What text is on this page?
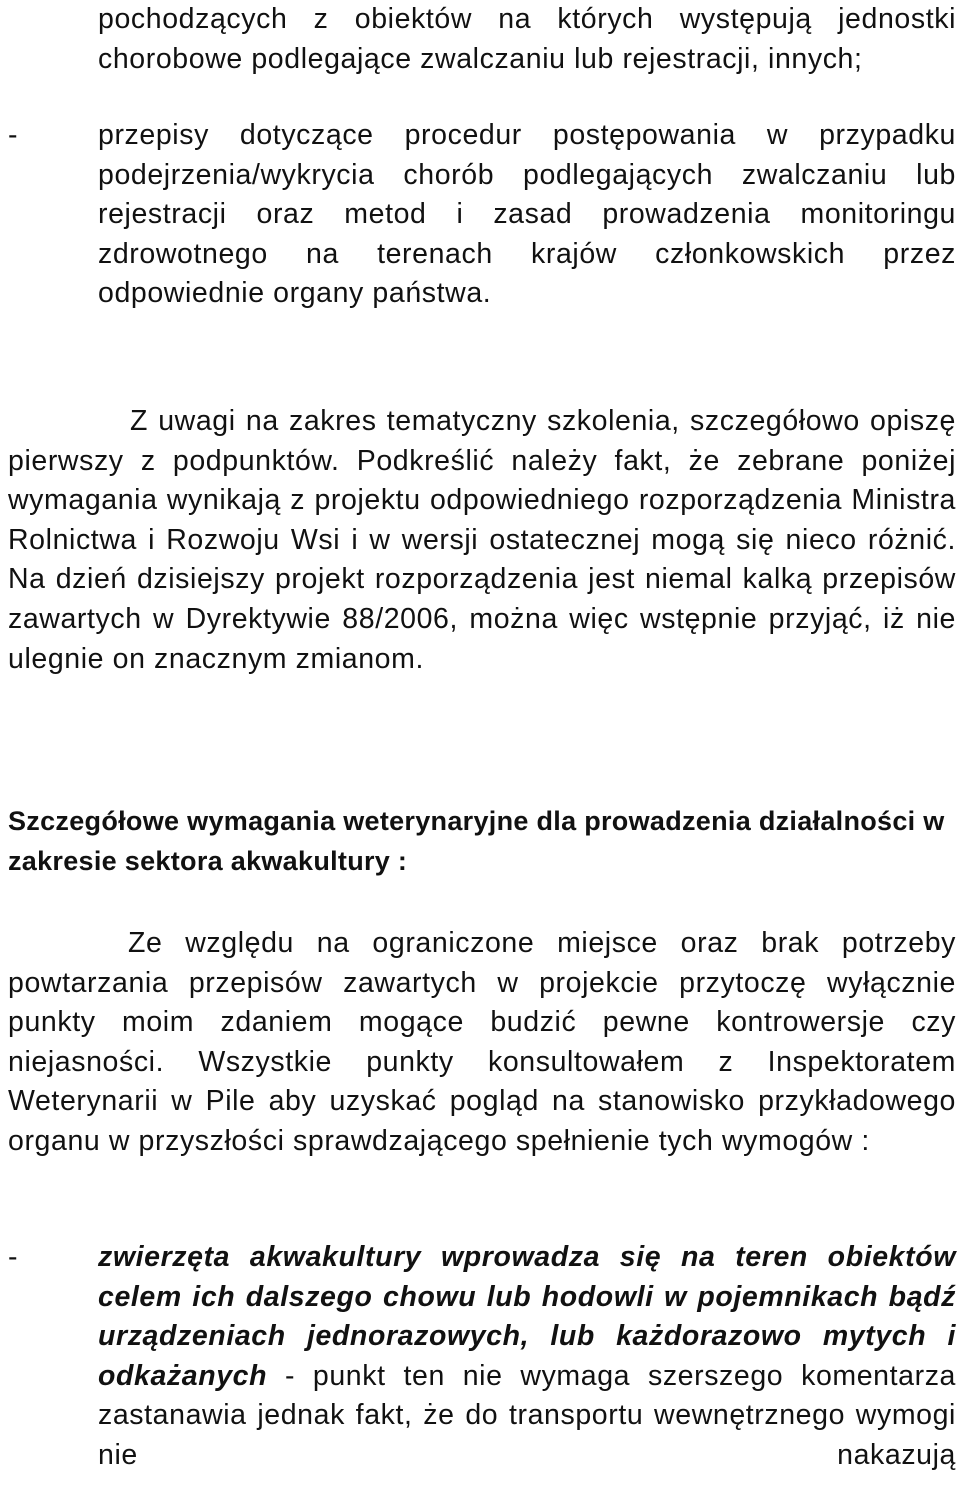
pochodzących z obiektów na których występują jednostki chorobowe podlegające zwalczaniu lub rejestracji, innych;

-	przepisy dotyczące procedur postępowania w przypadku podejrzenia/wykrycia chorób podlegających zwalczaniu lub rejestracji oraz metod i zasad prowadzenia monitoringu zdrowotnego na terenach krajów członkowskich przez odpowiednie organy państwa.

Z uwagi na zakres tematyczny szkolenia, szczegółowo opiszę pierwszy z podpunktów. Podkreślić należy fakt, że zebrane poniżej wymagania wynikają z projektu odpowiedniego rozporządzenia Ministra Rolnictwa i Rozwoju Wsi i w wersji ostatecznej mogą się nieco różnić. Na dzień dzisiejszy projekt rozporządzenia jest niemal kalką przepisów zawartych w Dyrektywie 88/2006, można więc wstępnie przyjąć, iż nie ulegnie on znacznym zmianom.

Szczegółowe wymagania weterynaryjne dla prowadzenia działalności w zakresie sektora akwakultury :

Ze względu na ograniczone miejsce oraz brak potrzeby powtarzania przepisów zawartych w projekcie przytoczę wyłącznie punkty moim zdaniem mogące budzić pewne kontrowersje czy niejasności. Wszystkie punkty konsultowałem z Inspektoratem Weterynarii w Pile aby uzyskać pogląd na stanowisko przykładowego organu w przyszłości sprawdzającego spełnienie tych wymogów :

-	zwierzęta akwakultury wprowadza się na teren obiektów celem ich dalszego chowu lub hodowli w pojemnikach bądź urządzeniach jednorazowych, lub każdorazowo mytych i odkażanych - punkt ten nie wymaga szerszego komentarza zastanawia jednak fakt, że do transportu wewnętrznego wymogi nie nakazują
